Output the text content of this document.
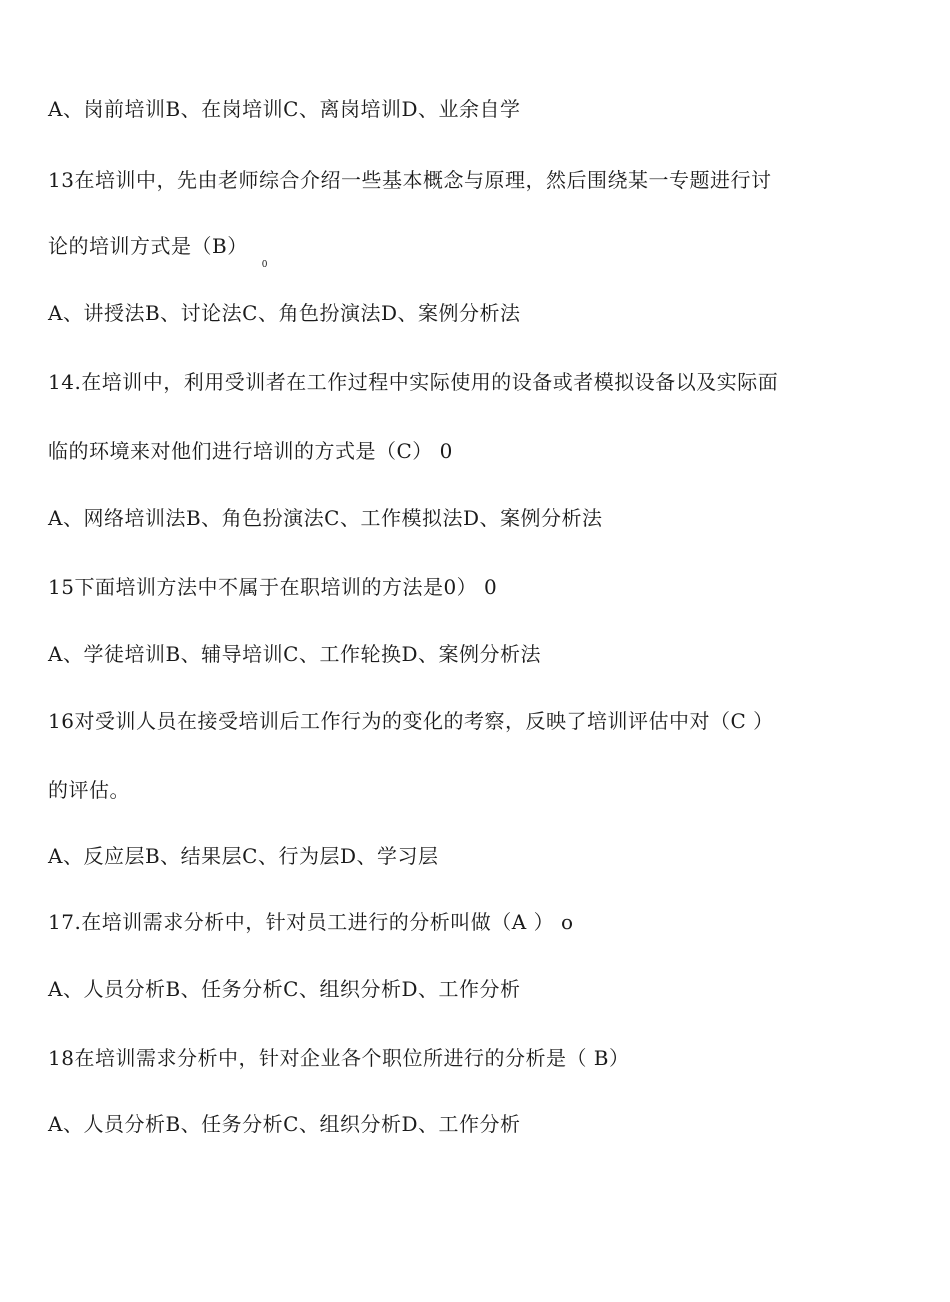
A、岗前培训B、在岗培训C、离岗培训D、业余自学
13在培训中，先由老师综合介绍一些基本概念与原理，然后围绕某一专题进行讨
论的培训方式是$(B)_0$
A、讲授法B、讨论法C、角色扮演法D、案例分析法
14.在培训中，利用受训者在工作过程中实际使用的设备或者模拟设备以及实际面
临的环境来对他们进行培训的方式是（C） 0
A、网络培训法B、角色扮演法C、工作模拟法D、案例分析法
15下面培训方法中不属于在职培训的方法是0） 0
A、学徒培训B、辅导培训C、工作轮换D、案例分析法
16对受训人员在接受培训后工作行为的变化的考察，反映了培训评估中对（C ）
的评估。
A、反应层B、结果层C、行为层D、学习层
17.在培训需求分析中，针对员工进行的分析叫做（A ） o
A、人员分析B、任务分析C、组织分析D、工作分析
18在培训需求分析中，针对企业各个职位所进行的分析是（ B）
A、人员分析B、任务分析C、组织分析D、工作分析
